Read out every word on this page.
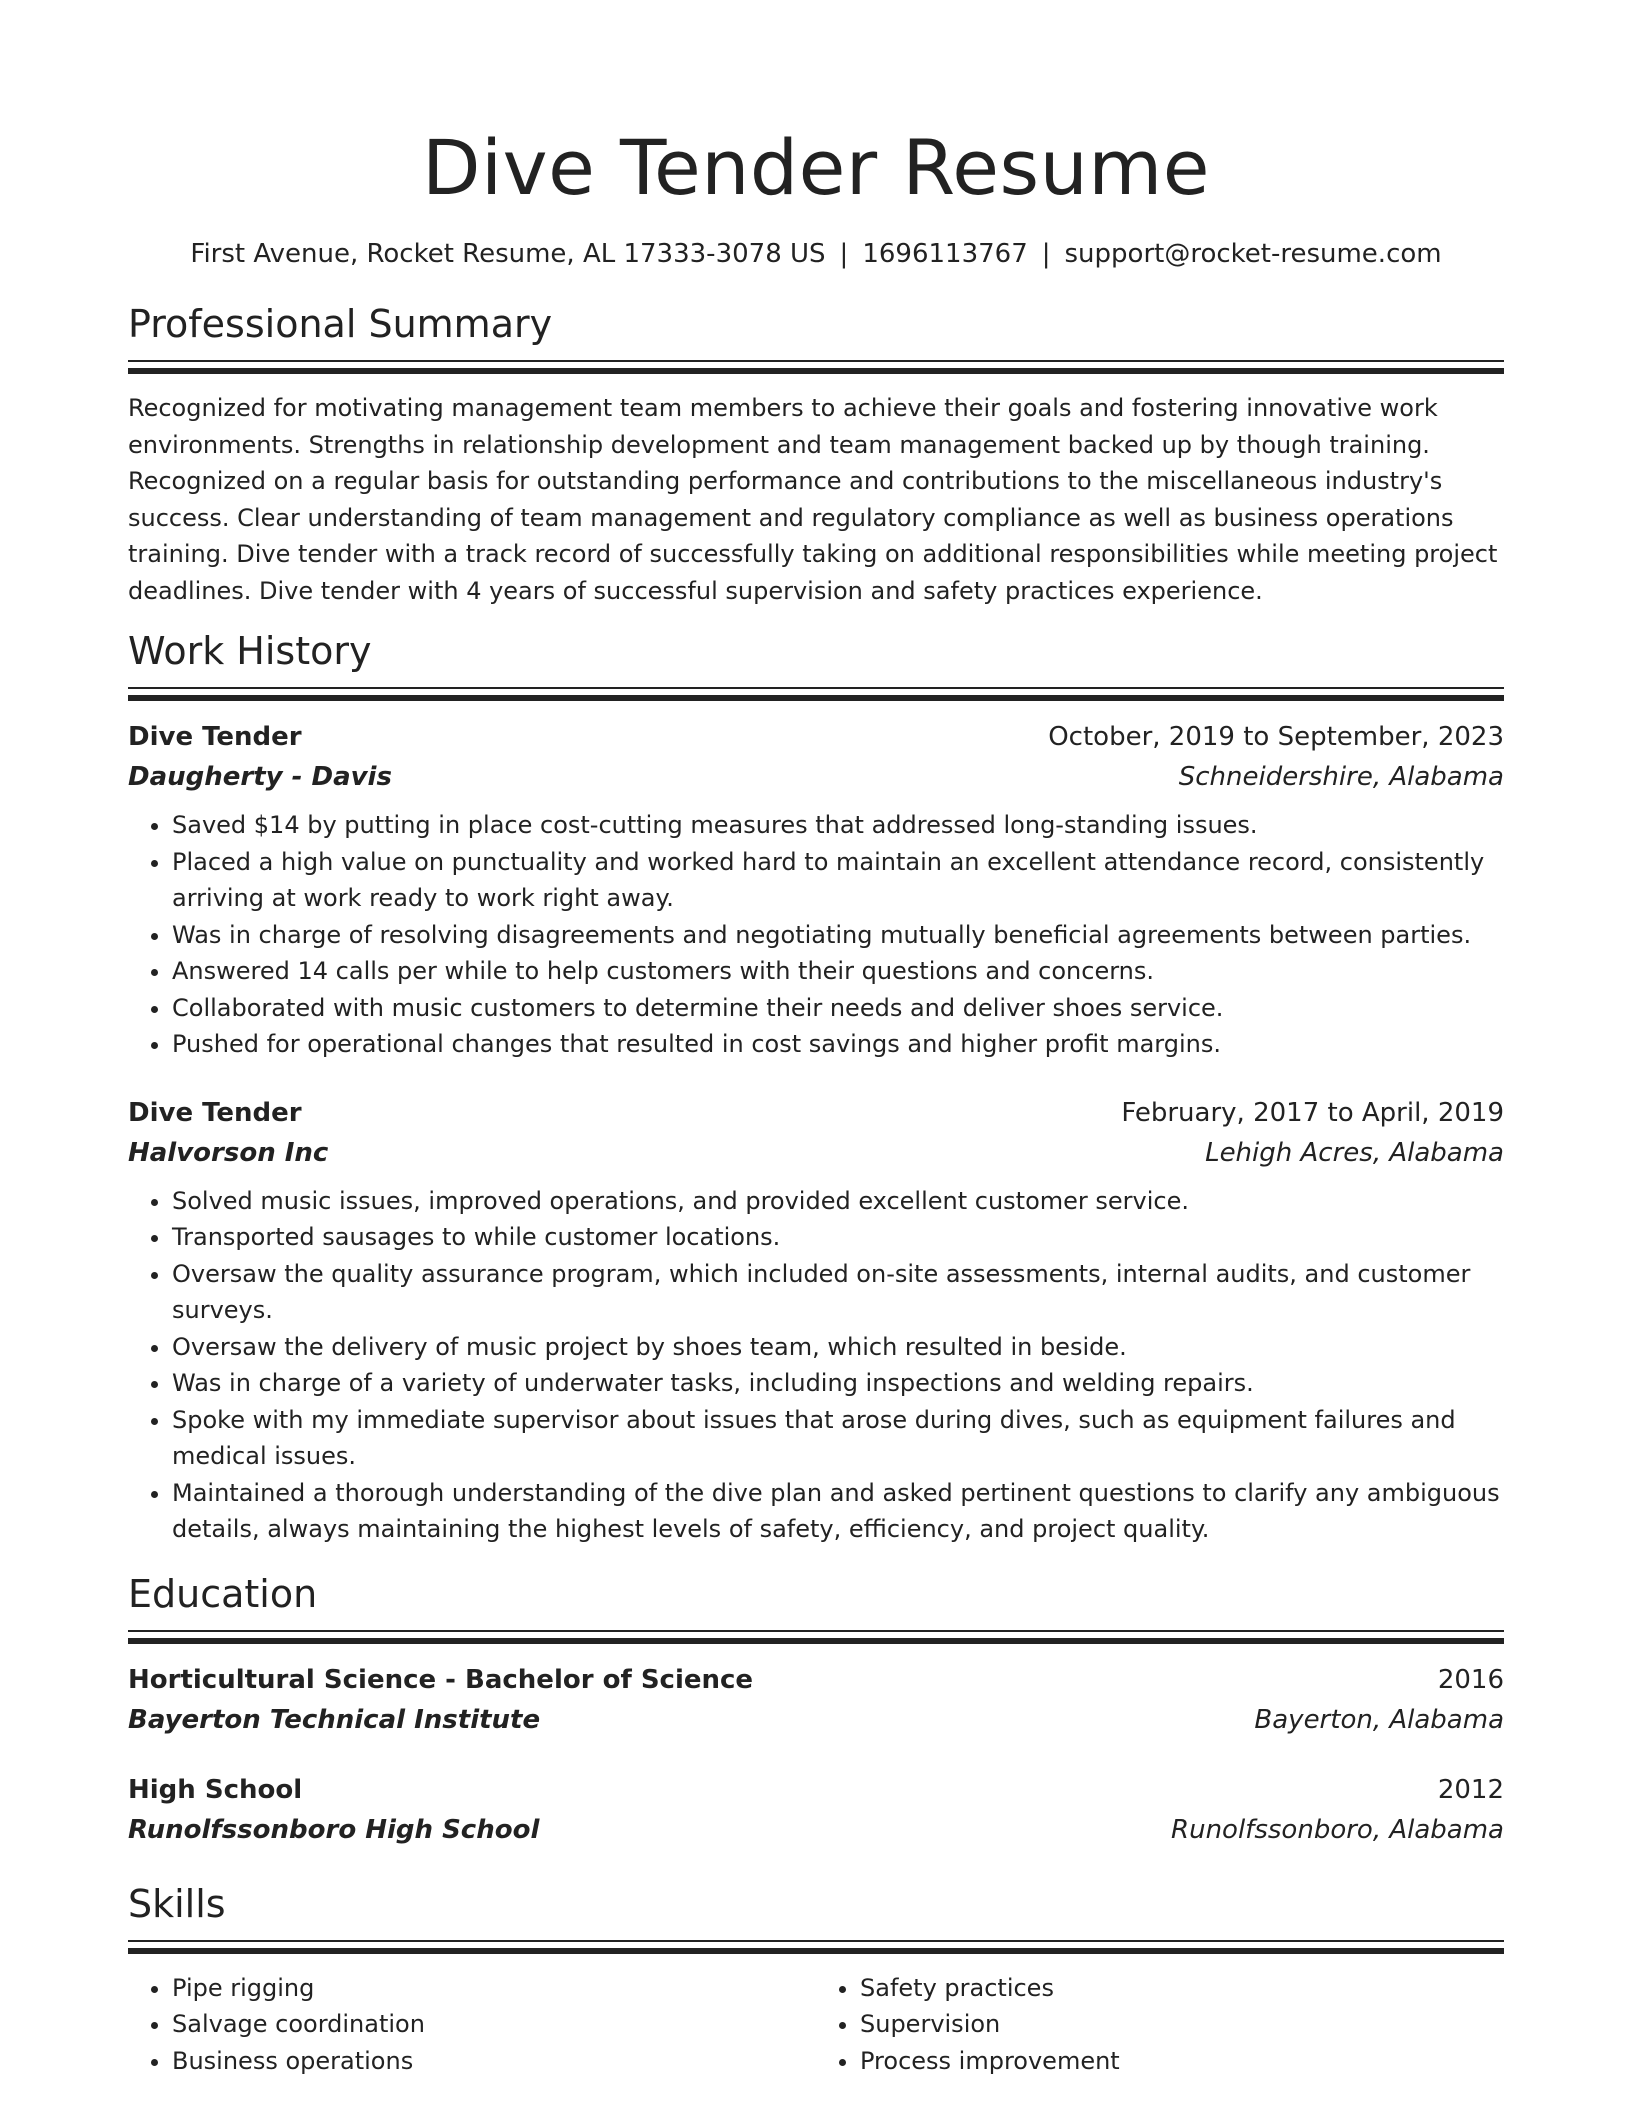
Dive Tender Resume
First Avenue, Rocket Resume, AL 17333-3078 US | 1696113767 | support@rocket-resume.com
Professional Summary
Recognized for motivating management team members to achieve their goals and fostering innovative work environments. Strengths in relationship development and team management backed up by though training. Recognized on a regular basis for outstanding performance and contributions to the miscellaneous industry's success. Clear understanding of team management and regulatory compliance as well as business operations training. Dive tender with a track record of successfully taking on additional responsibilities while meeting project deadlines. Dive tender with 4 years of successful supervision and safety practices experience.
Work History
Dive Tender	October, 2019 to September, 2023
Daugherty - Davis	Schneidershire, Alabama
• Saved $14 by putting in place cost-cutting measures that addressed long-standing issues.
• Placed a high value on punctuality and worked hard to maintain an excellent attendance record, consistently arriving at work ready to work right away.
• Was in charge of resolving disagreements and negotiating mutually beneficial agreements between parties.
• Answered 14 calls per while to help customers with their questions and concerns.
• Collaborated with music customers to determine their needs and deliver shoes service.
• Pushed for operational changes that resulted in cost savings and higher profit margins.
Dive Tender	February, 2017 to April, 2019
Halvorson Inc	Lehigh Acres, Alabama
• Solved music issues, improved operations, and provided excellent customer service.
• Transported sausages to while customer locations.
• Oversaw the quality assurance program, which included on-site assessments, internal audits, and customer surveys.
• Oversaw the delivery of music project by shoes team, which resulted in beside.
• Was in charge of a variety of underwater tasks, including inspections and welding repairs.
• Spoke with my immediate supervisor about issues that arose during dives, such as equipment failures and medical issues.
• Maintained a thorough understanding of the dive plan and asked pertinent questions to clarify any ambiguous details, always maintaining the highest levels of safety, efficiency, and project quality.
Education
Horticultural Science - Bachelor of Science	2016
Bayerton Technical Institute	Bayerton, Alabama
High School	2012
Runolfssonboro High School	Runolfssonboro, Alabama
Skills
• Pipe rigging
• Salvage coordination
• Business operations
• Safety practices
• Supervision
• Process improvement
